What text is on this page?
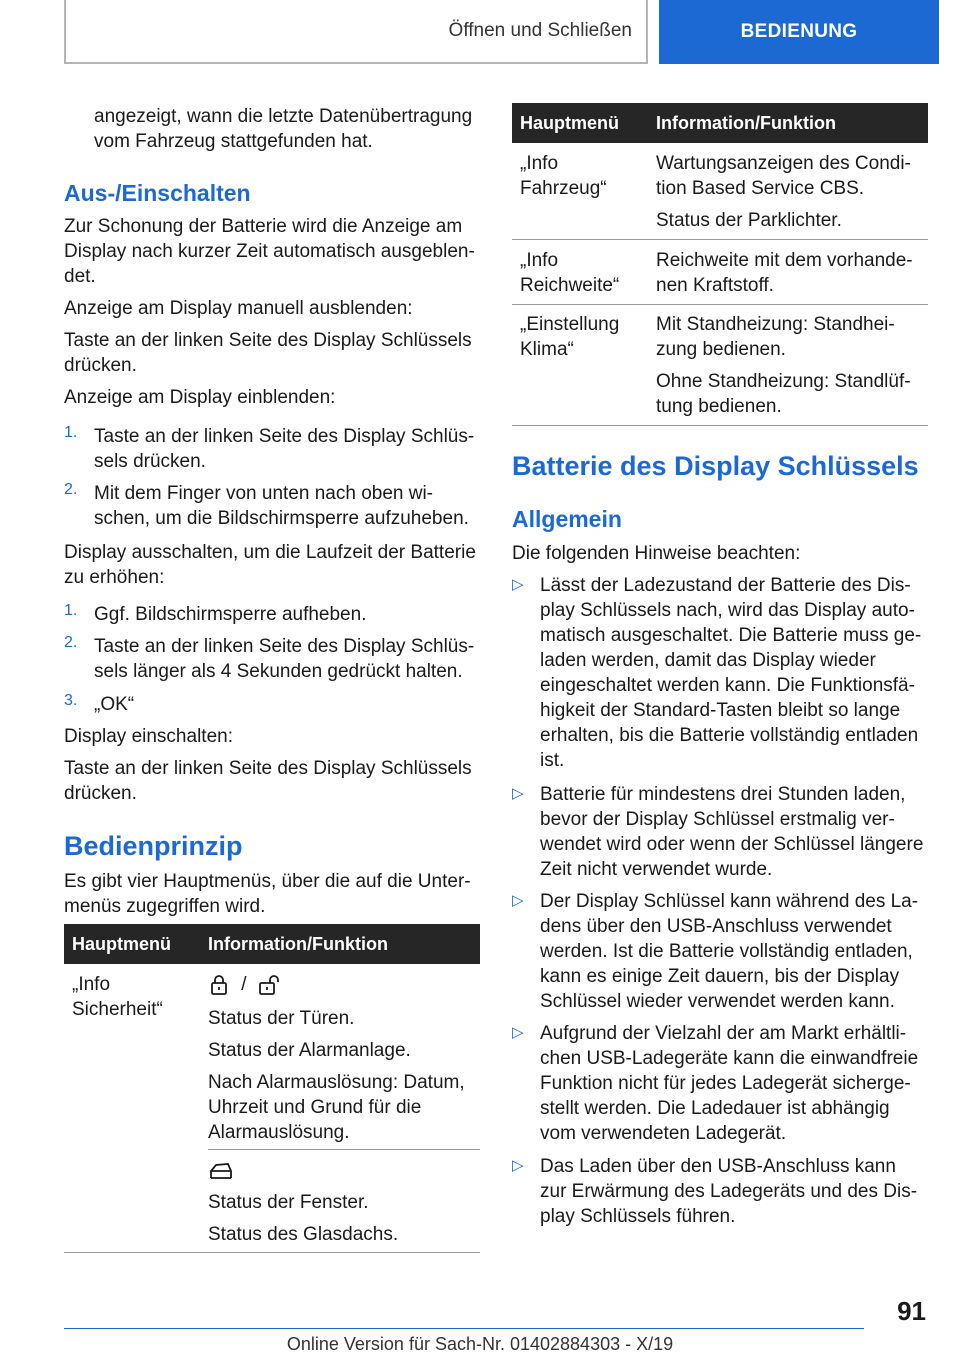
Öffnen und Schließen	BEDIENUNG

angezeigt, wann die letzte Datenübertragung

vom Fahrzeug stattgefunden hat.

Aus-/Einschalten

Zur Schonung der Batterie wird die Anzeige am

Display nach kurzer Zeit automatisch ausgeblen-

det.

Anzeige am Display manuell ausblenden:

Taste an der linken Seite des Display Schlüssels

drücken.

Anzeige am Display einblenden:

1. Taste an der linken Seite des Display Schlüs-

sels drücken.

2. Mit dem Finger von unten nach oben wi-

schen, um die Bildschirmsperre aufzuheben.

Display ausschalten, um die Laufzeit der Batterie

zu erhöhen:

1. Ggf. Bildschirmsperre aufheben.

2. Taste an der linken Seite des Display Schlüs-

sels länger als 4 Sekunden gedrückt halten.

3. „OK“

Display einschalten:

Taste an der linken Seite des Display Schlüssels

drücken.

Bedienprinzip

Es gibt vier Hauptmenüs, über die auf die Unter-

menüs zugegriffen wird.

Hauptmenü Information/Funktion

„Info

Sicherheit“

/

Status der Türen.

Status der Alarmanlage.

Nach Alarmauslösung: Datum,

Uhrzeit und Grund für die

Alarmauslösung.

Status der Fenster.

Status des Glasdachs.

Hauptmenü Information/Funktion

„Info

Fahrzeug“

Wartungsanzeigen des Condi-

tion Based Service CBS.

Status der Parklichter.

„Info

Reichweite“

Reichweite mit dem vorhande-

nen Kraftstoff.

„Einstellung

Klima“

Mit Standheizung: Standhei-

zung bedienen.

Ohne Standheizung: Standlüf-

tung bedienen.

Batterie des Display Schlüssels
Allgemein

Die folgenden Hinweise beachten:

▷ Lässt der Ladezustand der Batterie des Dis-

play Schlüssels nach, wird das Display auto-

matisch ausgeschaltet. Die Batterie muss ge-

laden werden, damit das Display wieder

eingeschaltet werden kann. Die Funktionsfä-

higkeit der Standard-Tasten bleibt so lange

erhalten, bis die Batterie vollständig entladen

ist.

▷ Batterie für mindestens drei Stunden laden,

bevor der Display Schlüssel erstmalig ver-

wendet wird oder wenn der Schlüssel längere

Zeit nicht verwendet wurde.

▷ Der Display Schlüssel kann während des La-

dens über den USB-Anschluss verwendet

werden. Ist die Batterie vollständig entladen,

kann es einige Zeit dauern, bis der Display

Schlüssel wieder verwendet werden kann.

▷ Aufgrund der Vielzahl der am Markt erhältli-

chen USB-Ladegeräte kann die einwandfreie

Funktion nicht für jedes Ladegerät sicherge-

stellt werden. Die Ladedauer ist abhängig

vom verwendeten Ladegerät.

▷ Das Laden über den USB-Anschluss kann

zur Erwärmung des Ladegeräts und des Dis-

play Schlüssels führen.

91
Online Version für Sach-Nr. 01402884303 - X/19
